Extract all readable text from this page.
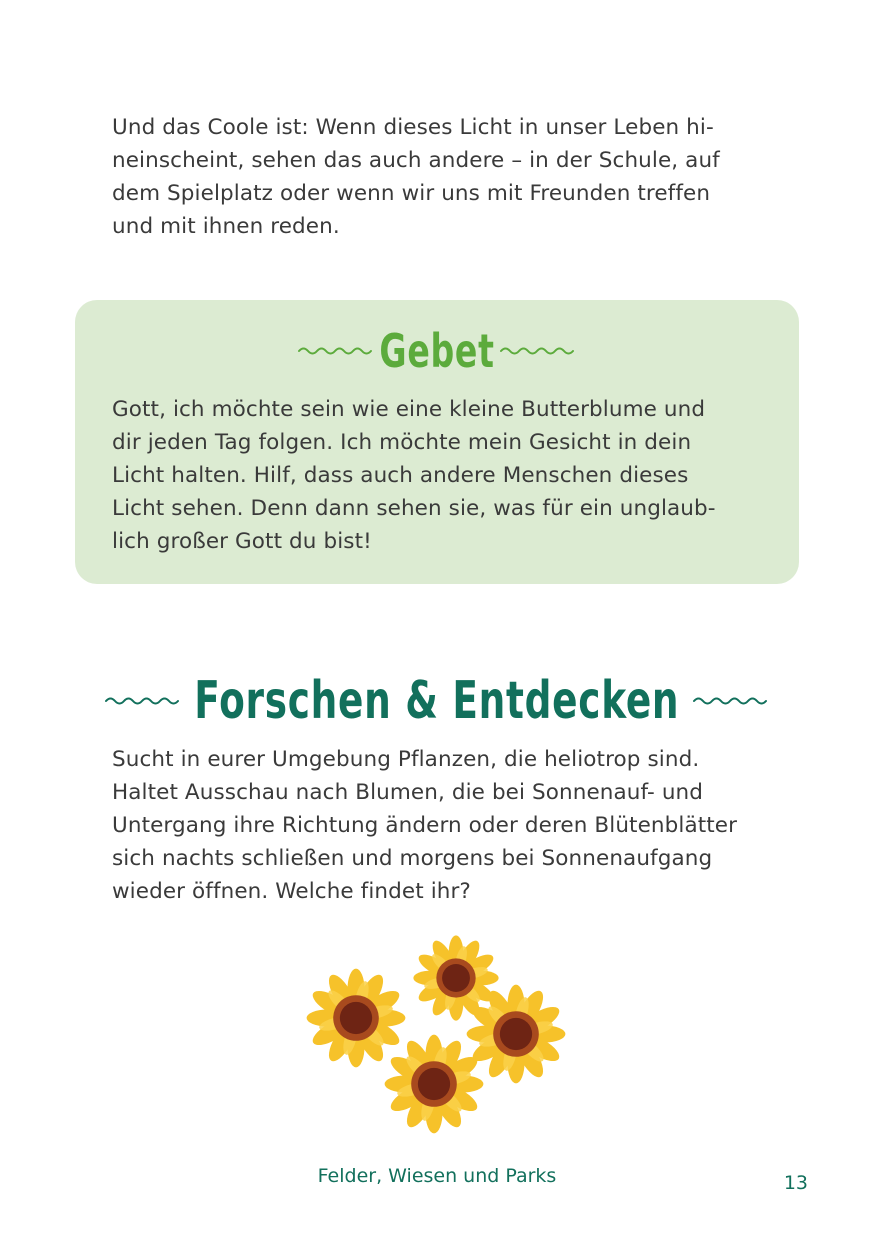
Und das Coole ist: Wenn dieses Licht in unser Leben hi-
neinscheint, sehen das auch andere – in der Schule, auf
dem Spielplatz oder wenn wir uns mit Freunden treffen
und mit ihnen reden.

Gebet

Gott, ich möchte sein wie eine kleine Butterblume und
dir jeden Tag folgen. Ich möchte mein Gesicht in dein
Licht halten. Hilf, dass auch andere Menschen dieses
Licht sehen. Denn dann sehen sie, was für ein unglaub-
lich großer Gott du bist!

Forschen & Entdecken

Sucht in eurer Umgebung Pflanzen, die heliotrop sind.
Haltet Ausschau nach Blumen, die bei Sonnenauf- und
Untergang ihre Richtung ändern oder deren Blütenblätter
sich nachts schließen und morgens bei Sonnenaufgang
wieder öffnen. Welche findet ihr?

Felder, Wiesen und Parks	13
